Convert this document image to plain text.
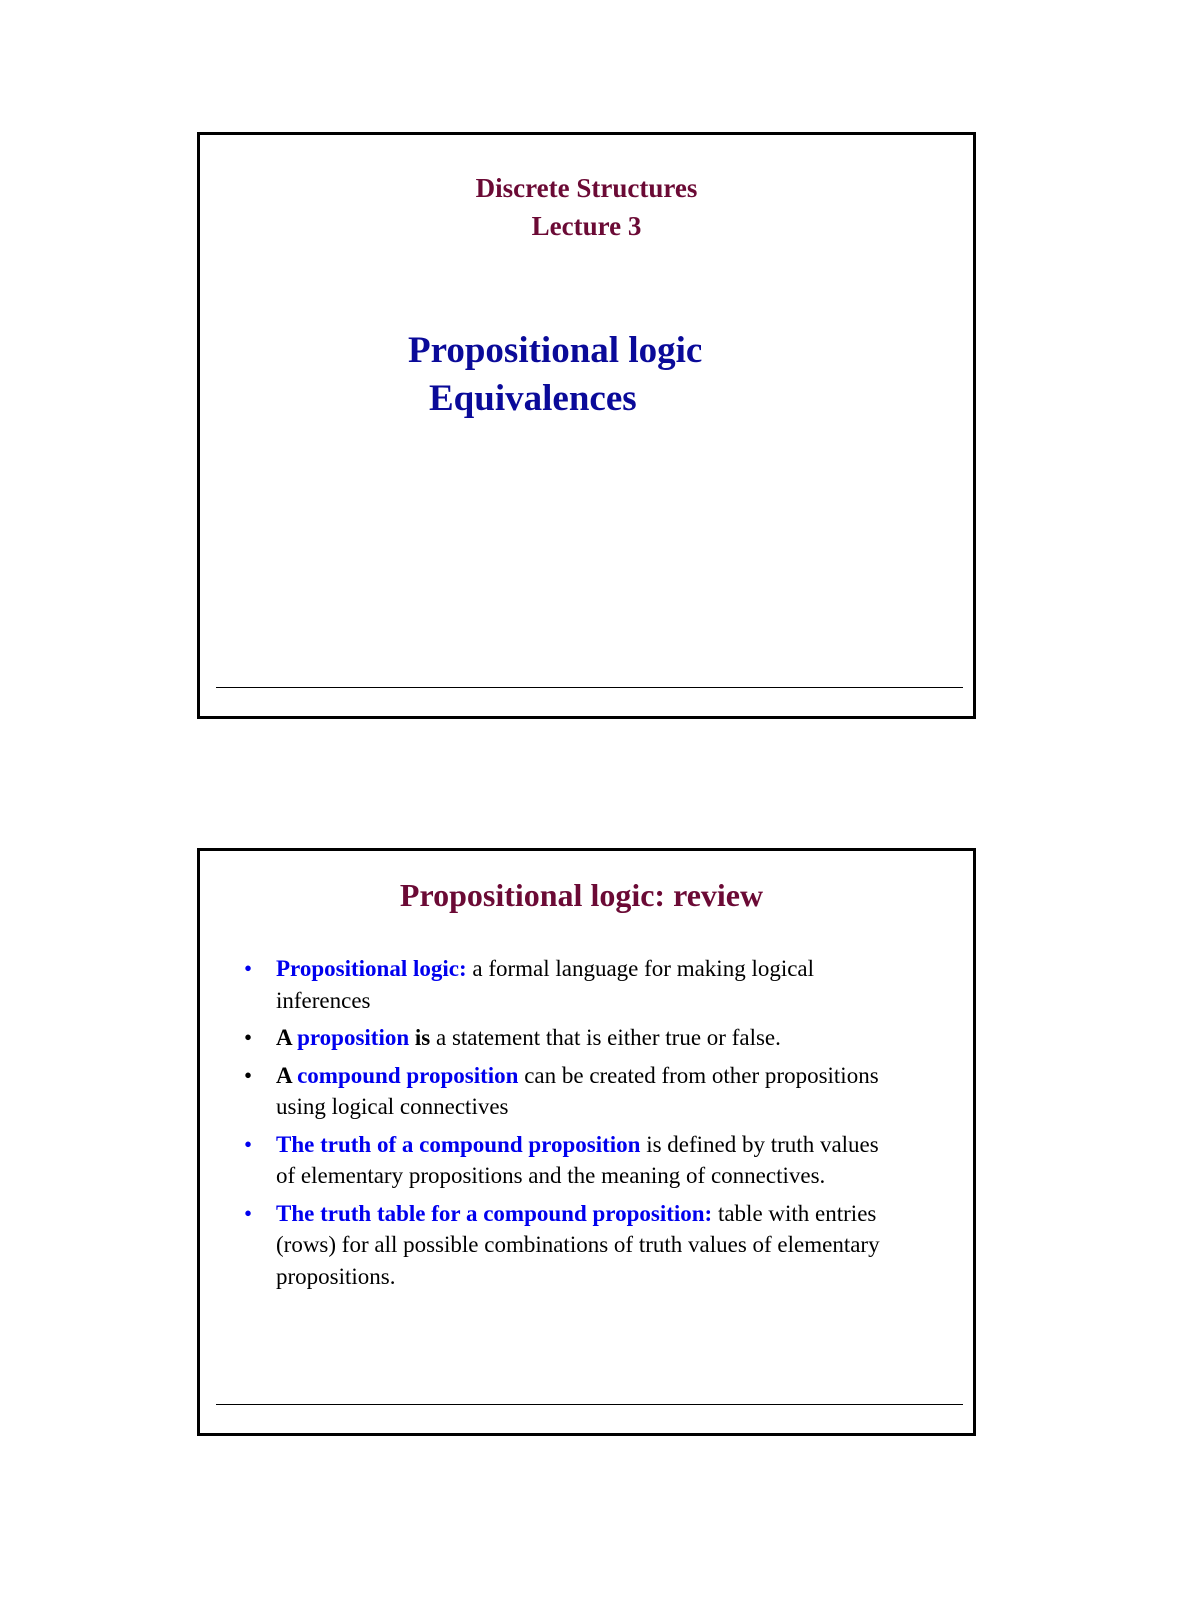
Discrete Structures
Lecture 3
Propositional logic
Equivalences
Propositional logic: review
• Propositional logic: a formal language for making logical inferences
• A proposition is a statement that is either true or false.
• A compound proposition can be created from other propositions using logical connectives
• The truth of a compound proposition is defined by truth values of elementary propositions and the meaning of connectives.
• The truth table for a compound proposition: table with entries (rows) for all possible combinations of truth values of elementary propositions.
